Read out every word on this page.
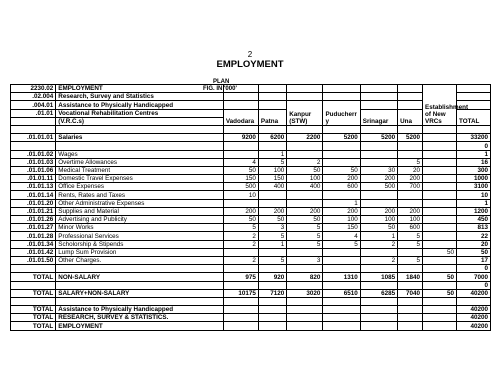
2
EMPLOYMENT
PLAN
FIG. IN '000'
2230.02	EMPLOYMENT							Establishment of New VRCs	
.02.004	Research, Survey and Statistics								
.004.01	Assistance to Physically Handicapped			Kanpur (STW)	Puducherry				
.01.01	Vocational Rehabilitation Centres	Vadodara	Patna			Srinagar	Una		TOTAL
	(V.R.C.s)								

.01.01.01	Salaries	9200	6200	2200	5200	5200	5200		33200
									0
.01.01.02	Wages		1						1
.01.01.03	Overtime Allowances	4	5	2			5		16
.01.01.06	Medical Treatment	50	100	50	50	30	20		300
.01.01.11	Domestic Travel Expenses	150	150	100	200	200	200		1000
.01.01.13	Office Expenses	500	400	400	600	500	700		3100
.01.01.14	Rents, Rates and Taxes	10							10
.01.01.20	Other Administrative Expenses				1				1
.01.01.21	Supplies and Material	200	200	200	200	200	200		1200
.01.01.26	Advertising and Publicity	50	50	50	100	100	100		450
.01.01.27	Minor Works	5	3	5	150	50	600		813
.01.01.28	Professional Services	2	5	5	4	1	5		22
.01.01.34	Scholorship & Stipends	2	1	5	5	2	5		20
.01.01.42	Lump Sum Provision							50	50
.01.01.50	Other Charges.	2	5	3		2	5		17
									0
TOTAL	NON-SALARY	975	920	820	1310	1085	1840	50	7000
									0
TOTAL	SALARY+NON-SALARY	10175	7120	3020	6510	6285	7040	50	40200

TOTAL	Assistance to Physically Handicapped								40200
TOTAL	RESEARCH, SURVEY & STATISTICS.								40200
TOTAL	EMPLOYMENT								40200
